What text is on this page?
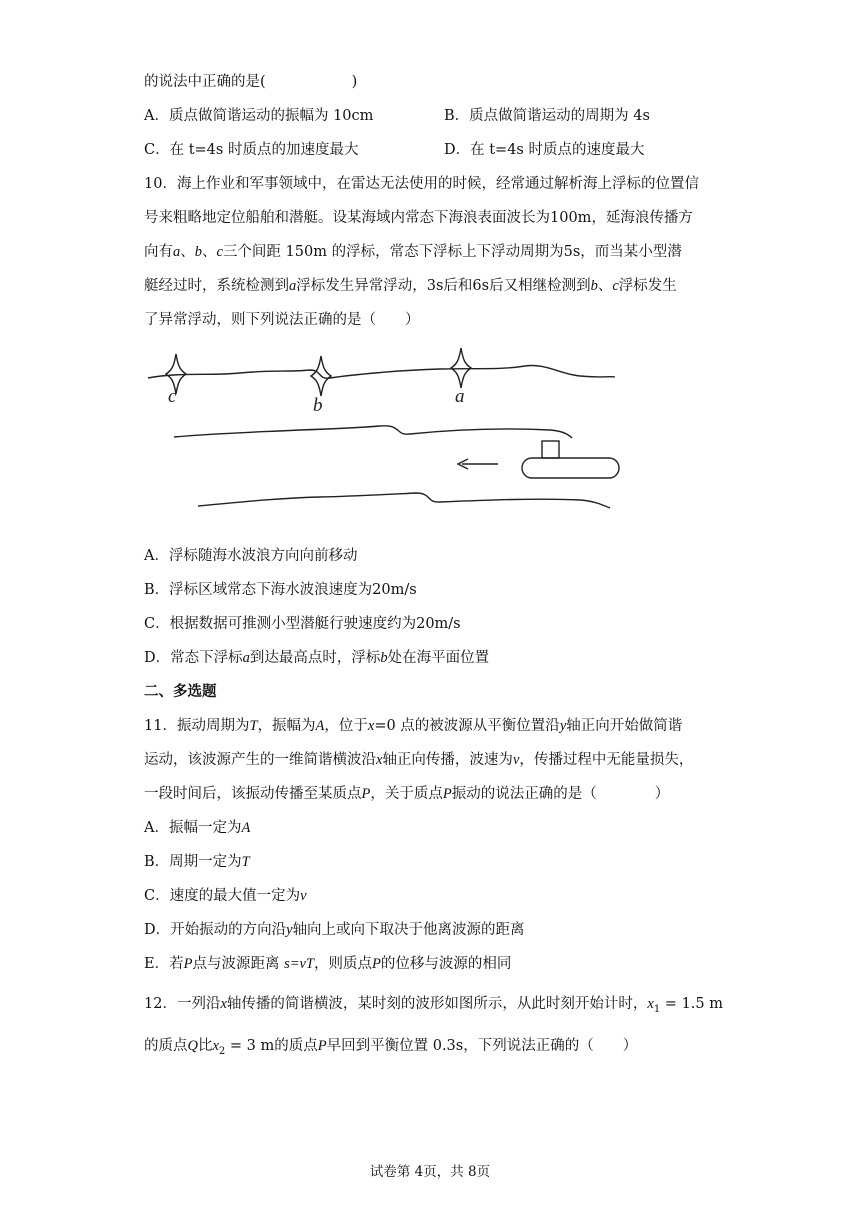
的说法中正确的是(	)
A．质点做简谐运动的振幅为 10cm	B．质点做简谐运动的周期为 4s
C．在 t=4s 时质点的加速度最大	D．在 t=4s 时质点的速度最大
10．海上作业和军事领域中，在雷达无法使用的时候，经常通过解析海上浮标的位置信
号来粗略地定位船舶和潜艇。设某海域内常态下海浪表面波长为100m，延海浪传播方
向有a、b、c三个间距 150m 的浮标，常态下浮标上下浮动周期为5s，而当某小型潜
艇经过时，系统检测到a浮标发生异常浮动，3s后和6s后又相继检测到b、c浮标发生
了异常浮动，则下列说法正确的是（　　）
c	b	a
A．浮标随海水波浪方向向前移动
B．浮标区域常态下海水波浪速度为20m/s
C．根据数据可推测小型潜艇行驶速度约为20m/s
D．常态下浮标a到达最高点时，浮标b处在海平面位置
二、多选题
11．振动周期为T，振幅为A，位于x=0 点的被波源从平衡位置沿y轴正向开始做简谐
运动，该波源产生的一维简谐横波沿x轴正向传播，波速为v，传播过程中无能量损失，
一段时间后，该振动传播至某质点P，关于质点P振动的说法正确的是（　　　　）
A．振幅一定为A
B．周期一定为T
C．速度的最大值一定为v
D．开始振动的方向沿y轴向上或向下取决于他离波源的距离
E．若P点与波源距离 s=vT，则质点P的位移与波源的相同
12．一列沿x轴传播的简谐横波，某时刻的波形如图所示，从此时刻开始计时，$x_1 = 1.5$ m
的质点Q比$x_2 = 3$ m的质点P早回到平衡位置 0.3s，下列说法正确的（　　）
试卷第 4页，共 8页
